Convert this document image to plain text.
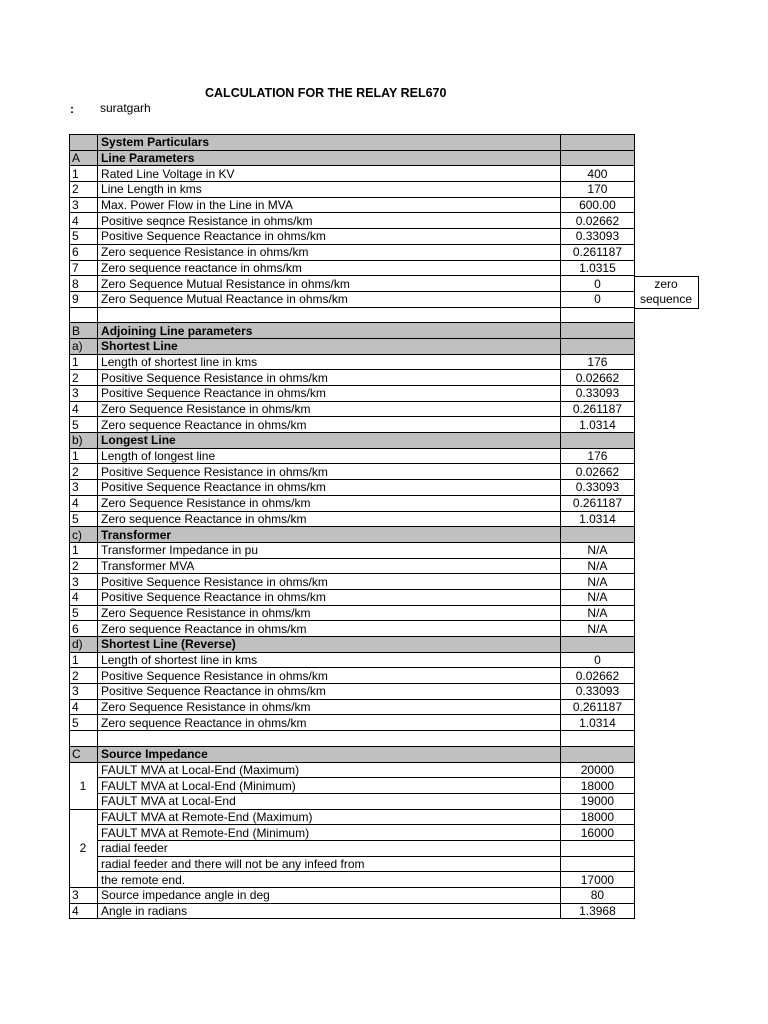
CALCULATION FOR THE RELAY REL670
: suratgarh
	System Particulars	
A	Line Parameters	
1	Rated Line Voltage in KV	400
2	Line Length in kms	170
3	Max. Power Flow in the Line in MVA	600.00
4	Positive seqnce Resistance in ohms/km	0.02662
5	Positive Sequence Reactance in ohms/km	0.33093
6	Zero sequence Resistance in ohms/km	0.261187
7	Zero sequence reactance in ohms/km	1.0315
8	Zero Sequence Mutual Resistance in ohms/km	0
9	Zero Sequence Mutual Reactance in ohms/km	0

B	Adjoining Line parameters	
a)	Shortest Line	
1	Length of shortest line in kms	176
2	Positive Sequence Resistance in ohms/km	0.02662
3	Positive Sequence Reactance in ohms/km	0.33093
4	Zero Sequence Resistance in ohms/km	0.261187
5	Zero sequence Reactance in ohms/km	1.0314
b)	Longest Line	
1	Length of longest line	176
2	Positive Sequence Resistance in ohms/km	0.02662
3	Positive Sequence Reactance in ohms/km	0.33093
4	Zero Sequence Resistance in ohms/km	0.261187
5	Zero sequence Reactance in ohms/km	1.0314
c)	Transformer	
1	Transformer Impedance in pu	N/A
2	Transformer MVA	N/A
3	Positive Sequence Resistance in ohms/km	N/A
4	Positive Sequence Reactance in ohms/km	N/A
5	Zero Sequence Resistance in ohms/km	N/A
6	Zero sequence Reactance in ohms/km	N/A
d)	Shortest Line (Reverse)	
1	Length of shortest line in kms	0
2	Positive Sequence Resistance in ohms/km	0.02662
3	Positive Sequence Reactance in ohms/km	0.33093
4	Zero Sequence Resistance in ohms/km	0.261187
5	Zero sequence Reactance in ohms/km	1.0314

C	Source Impedance	
1	FAULT MVA at Local-End (Maximum)	20000
	FAULT MVA at Local-End (Minimum)	18000
	FAULT MVA at Local-End	19000
2	FAULT MVA at Remote-End (Maximum)	18000
	FAULT MVA at Remote-End (Minimum)	16000
	radial feeder	
	radial feeder and there will not be any infeed from	
	the remote end.	17000
3	Source impedance angle in deg	80
4	Angle in radians	1.3968
zero
sequence
